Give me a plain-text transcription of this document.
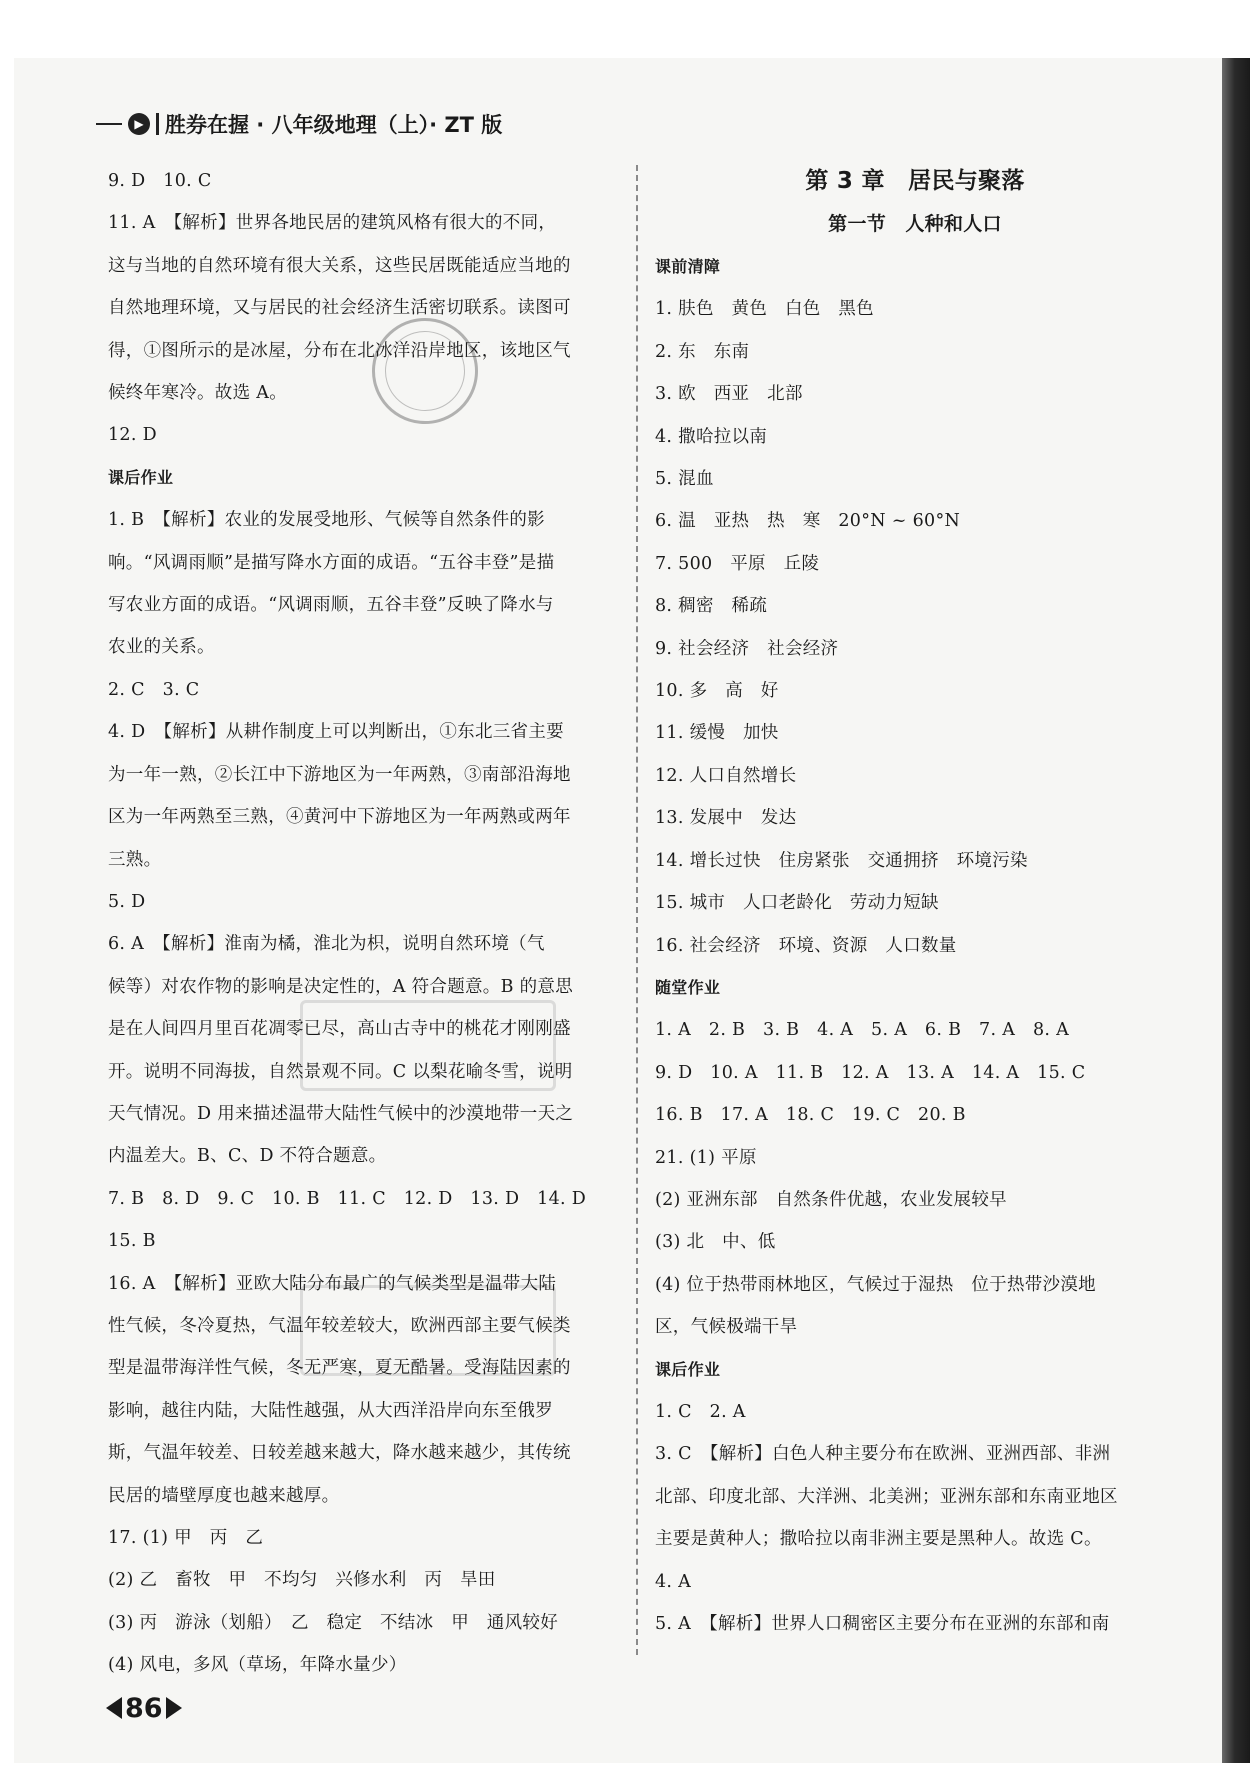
▶	胜券在握 · 八年级地理（上）· ZT 版

9. D　10. C

11. A　【解析】世界各地民居的建筑风格有很大的不同，

这与当地的自然环境有很大关系，这些民居既能适应当地的

自然地理环境，又与居民的社会经济生活密切联系。读图可

得，①图所示的是冰屋，分布在北冰洋沿岸地区，该地区气

候终年寒冷。故选 A。

12. D

课后作业

1. B　【解析】农业的发展受地形、气候等自然条件的影

响。“风调雨顺”是描写降水方面的成语。“五谷丰登”是描

写农业方面的成语。“风调雨顺，五谷丰登”反映了降水与

农业的关系。

2. C　3. C

4. D　【解析】从耕作制度上可以判断出，①东北三省主要

为一年一熟，②长江中下游地区为一年两熟，③南部沿海地

区为一年两熟至三熟，④黄河中下游地区为一年两熟或两年

三熟。

5. D

6. A　【解析】淮南为橘，淮北为枳，说明自然环境（气

候等）对农作物的影响是决定性的，A 符合题意。B 的意思

是在人间四月里百花凋零已尽，高山古寺中的桃花才刚刚盛

开。说明不同海拔，自然景观不同。C 以梨花喻冬雪，说明

天气情况。D 用来描述温带大陆性气候中的沙漠地带一天之

内温差大。B、C、D 不符合题意。

7. B　8. D　9. C　10. B　11. C　12. D　13. D　14. D

15. B

16. A　【解析】亚欧大陆分布最广的气候类型是温带大陆

性气候，冬冷夏热，气温年较差较大，欧洲西部主要气候类

型是温带海洋性气候，冬无严寒，夏无酷暑。受海陆因素的

影响，越往内陆，大陆性越强，从大西洋沿岸向东至俄罗

斯，气温年较差、日较差越来越大，降水越来越少，其传统

民居的墙壁厚度也越来越厚。

17. (1) 甲　丙　乙

(2) 乙　畜牧　甲　不均匀　兴修水利　丙　旱田

(3) 丙　游泳（划船）　乙　稳定　不结冰　甲　通风较好

(4) 风电，多风（草场，年降水量少）

第 3 章　居民与聚落

第一节　人种和人口

课前清障

1. 肤色　黄色　白色　黑色

2. 东　东南

3. 欧　西亚　北部

4. 撒哈拉以南

5. 混血

6. 温　亚热　热　寒　20°N ~ 60°N

7. 500　平原　丘陵

8. 稠密　稀疏

9. 社会经济　社会经济

10. 多　高　好

11. 缓慢　加快

12. 人口自然增长

13. 发展中　发达

14. 增长过快　住房紧张　交通拥挤　环境污染

15. 城市　人口老龄化　劳动力短缺

16. 社会经济　环境、资源　人口数量

随堂作业

1. A　2. B　3. B　4. A　5. A　6. B　7. A　8. A

9. D　10. A　11. B　12. A　13. A　14. A　15. C

16. B　17. A　18. C　19. C　20. B

21. (1) 平原

(2) 亚洲东部　自然条件优越，农业发展较早

(3) 北　中、低

(4) 位于热带雨林地区，气候过于湿热　位于热带沙漠地

区，气候极端干旱

课后作业

1. C　2. A

3. C　【解析】白色人种主要分布在欧洲、亚洲西部、非洲

北部、印度北部、大洋洲、北美洲；亚洲东部和东南亚地区

主要是黄种人；撒哈拉以南非洲主要是黑种人。故选 C。

4. A

5. A　【解析】世界人口稠密区主要分布在亚洲的东部和南

86
